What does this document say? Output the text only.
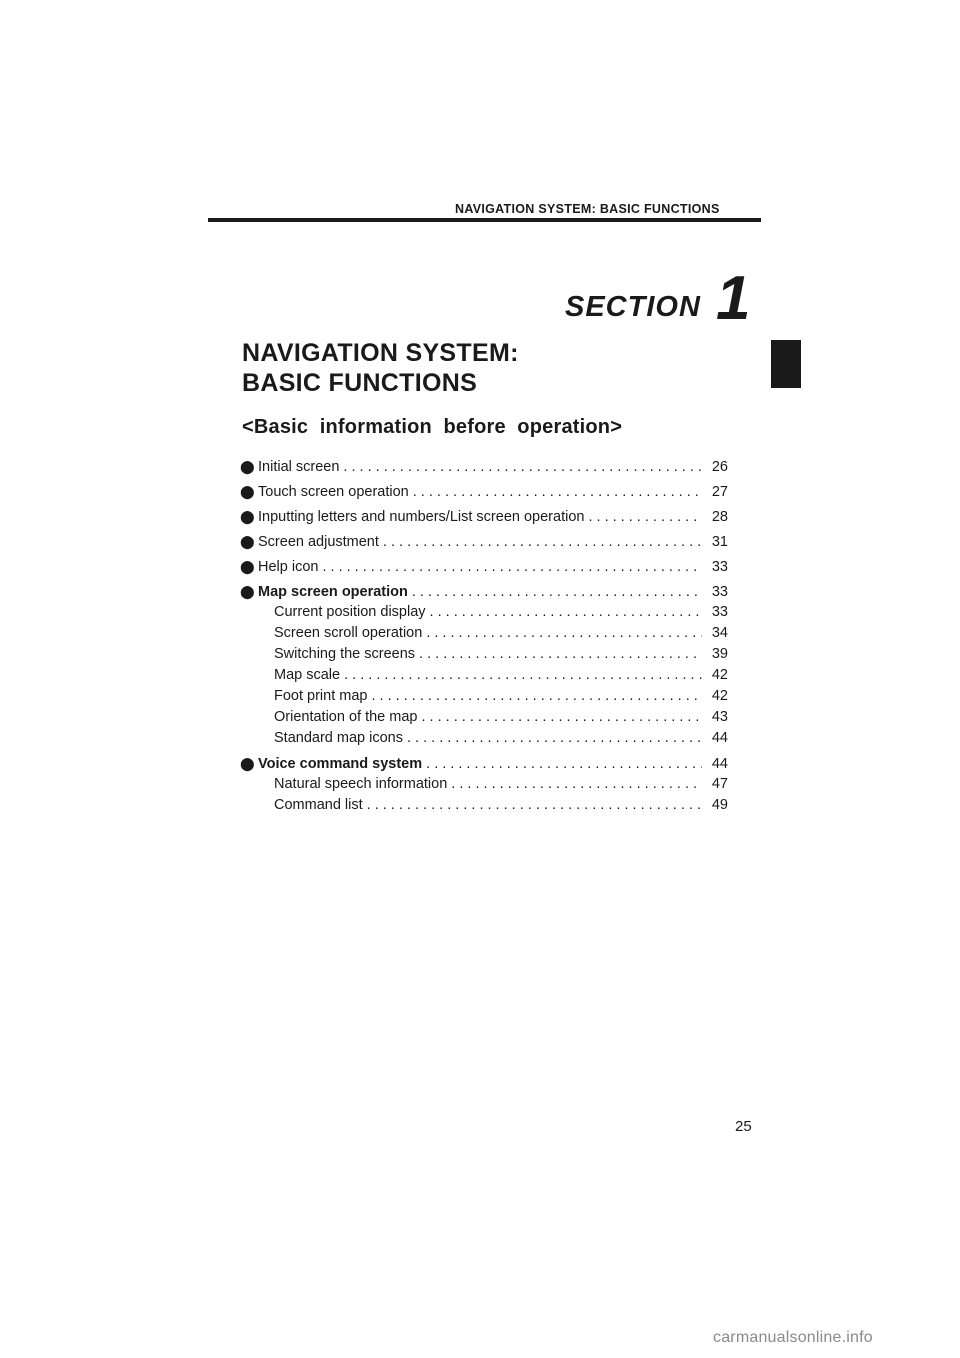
NAVIGATION SYSTEM: BASIC FUNCTIONS
SECTION 1
NAVIGATION SYSTEM:
BASIC FUNCTIONS
<Basic  information  before  operation>
⬤ Initial screen . . .	26
⬤ Touch screen operation . . .	27
⬤ Inputting letters and numbers/List screen operation . . .	28
⬤ Screen adjustment . . .	31
⬤ Help icon . . .	33
⬤ Map screen operation . . .	33
Current position display . . .	33
Screen scroll operation . . .	34
Switching the screens . . .	39
Map scale . . .	42
Foot print map . . .	42
Orientation of the map . . .	43
Standard map icons . . .	44
⬤ Voice command system . . .	44
Natural speech information . . .	47
Command list . . .	49
25
carmanualsonline.info
